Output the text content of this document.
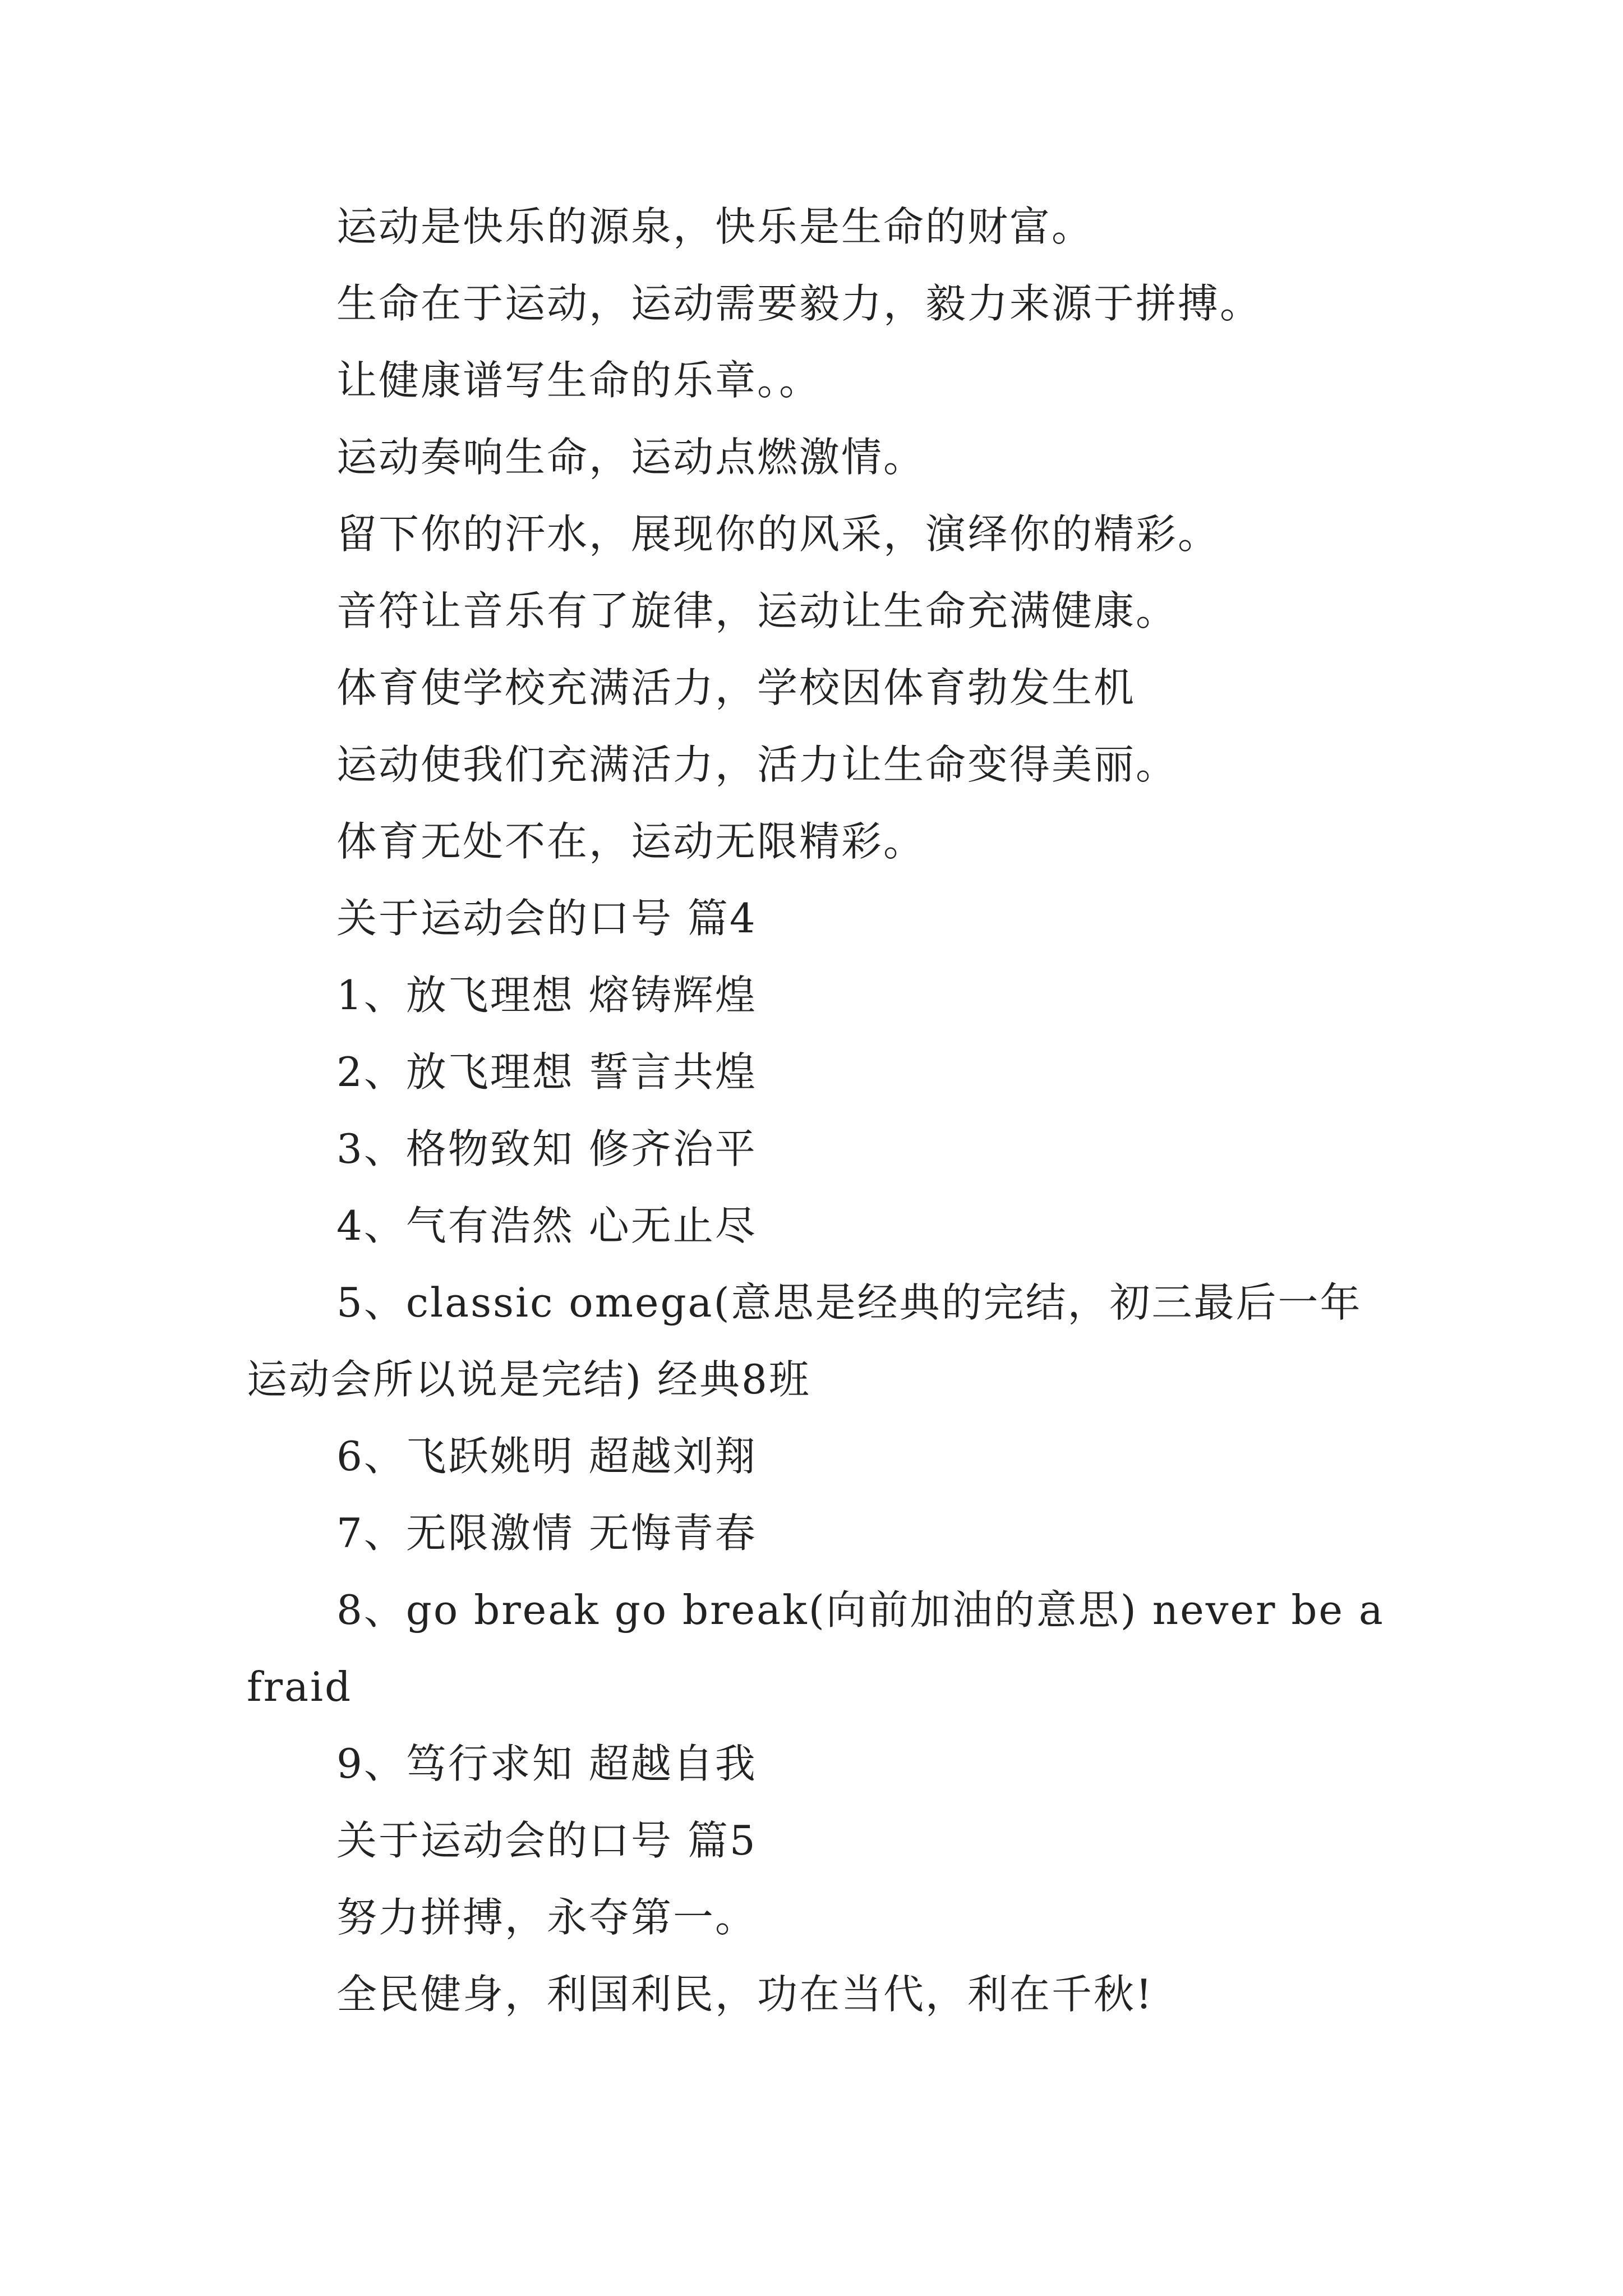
运动是快乐的源泉，快乐是生命的财富。

生命在于运动，运动需要毅力，毅力来源于拼搏。

让健康谱写生命的乐章。。

运动奏响生命，运动点燃激情。

留下你的汗水，展现你的风采，演绎你的精彩。

音符让音乐有了旋律，运动让生命充满健康。

体育使学校充满活力，学校因体育勃发生机

运动使我们充满活力，活力让生命变得美丽。

体育无处不在，运动无限精彩。

关于运动会的口号 篇4

1、放飞理想 熔铸辉煌

2、放飞理想 誓言共煌

3、格物致知 修齐治平

4、气有浩然 心无止尽

5、classic omega(意思是经典的完结，初三最后一年运动会所以说是完结) 经典8班

6、飞跃姚明 超越刘翔

7、无限激情 无悔青春

8、go break go break(向前加油的意思) never be afraid

9、笃行求知 超越自我

关于运动会的口号 篇5

努力拼搏，永夺第一。

全民健身，利国利民，功在当代，利在千秋!
